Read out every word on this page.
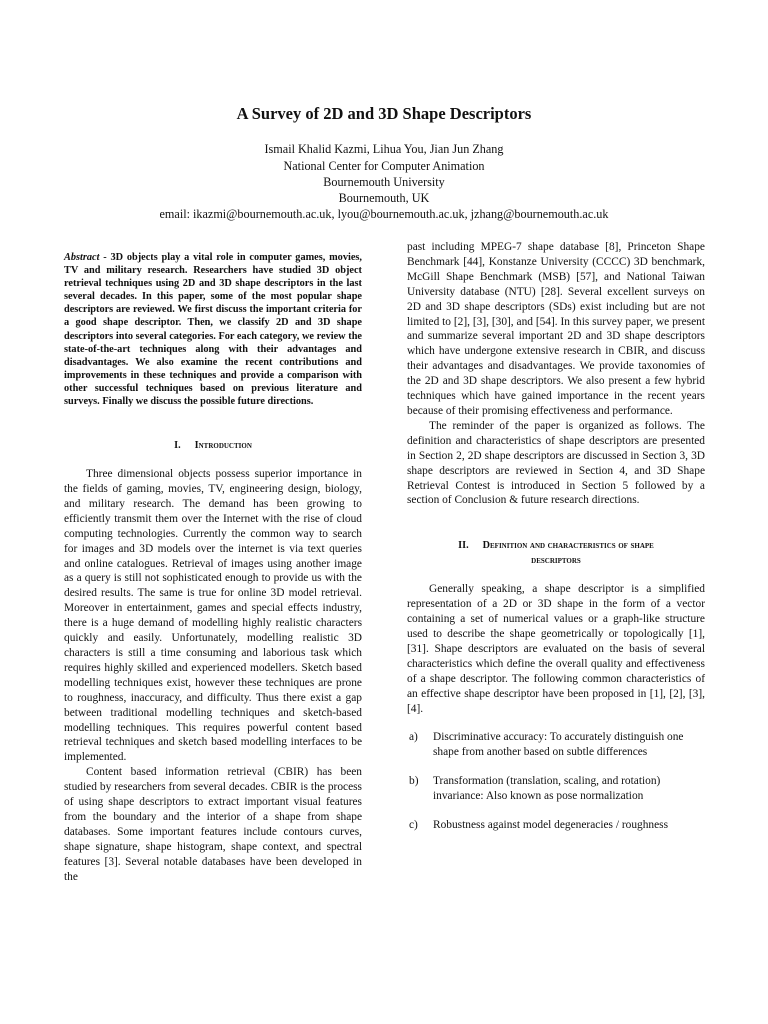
A Survey of 2D and 3D Shape Descriptors
Ismail Khalid Kazmi, Lihua You, Jian Jun Zhang
National Center for Computer Animation
Bournemouth University
Bournemouth, UK
email: ikazmi@bournemouth.ac.uk, lyou@bournemouth.ac.uk, jzhang@bournemouth.ac.uk

Abstract - 3D objects play a vital role in computer games, movies, TV and military research. Researchers have studied 3D object retrieval techniques using 2D and 3D shape descriptors in the last several decades. In this paper, some of the most popular shape descriptors are reviewed. We first discuss the important criteria for a good shape descriptor. Then, we classify 2D and 3D shape descriptors into several categories. For each category, we review the state-of-the-art techniques along with their advantages and disadvantages. We also examine the recent contributions and improvements in these techniques and provide a comparison with other successful techniques based on previous literature and surveys. Finally we discuss the possible future directions.

I. Introduction

Three dimensional objects possess superior importance in the fields of gaming, movies, TV, engineering design, biology, and military research. The demand has been growing to efficiently transmit them over the Internet with the rise of cloud computing technologies. Currently the common way to search for images and 3D models over the internet is via text queries and online catalogues. Retrieval of images using another image as a query is still not sophisticated enough to provide us with the desired results. The same is true for online 3D model retrieval. Moreover in entertainment, games and special effects industry, there is a huge demand of modelling highly realistic characters quickly and easily. Unfortunately, modelling realistic 3D characters is still a time consuming and laborious task which requires highly skilled and experienced modellers. Sketch based modelling techniques exist, however these techniques are prone to roughness, inaccuracy, and difficulty. Thus there exist a gap between traditional modelling techniques and sketch-based modelling techniques. This requires powerful content based retrieval techniques and sketch based modelling interfaces to be implemented.

Content based information retrieval (CBIR) has been studied by researchers from several decades. CBIR is the process of using shape descriptors to extract important visual features from the boundary and the interior of a shape from shape databases. Some important features include contours curves, shape signature, shape histogram, shape context, and spectral features [3]. Several notable databases have been developed in the

past including MPEG-7 shape database [8], Princeton Shape Benchmark [44], Konstanze University (CCCC) 3D benchmark, McGill Shape Benchmark (MSB) [57], and National Taiwan University database (NTU) [28]. Several excellent surveys on 2D and 3D shape descriptors (SDs) exist including but are not limited to [2], [3], [30], and [54]. In this survey paper, we present and summarize several important 2D and 3D shape descriptors which have undergone extensive research in CBIR, and discuss their advantages and disadvantages. We provide taxonomies of the 2D and 3D shape descriptors. We also present a few hybrid techniques which have gained importance in the recent years because of their promising effectiveness and performance.

The reminder of the paper is organized as follows. The definition and characteristics of shape descriptors are presented in Section 2, 2D shape descriptors are discussed in Section 3, 3D shape descriptors are reviewed in Section 4, and 3D Shape Retrieval Contest is introduced in Section 5 followed by a section of Conclusion & future research directions.

II. Definition and characteristics of shape
descriptors

Generally speaking, a shape descriptor is a simplified representation of a 2D or 3D shape in the form of a vector containing a set of numerical values or a graph-like structure used to describe the shape geometrically or topologically [1], [31]. Shape descriptors are evaluated on the basis of several characteristics which define the overall quality and effectiveness of a shape descriptor. The following common characteristics of an effective shape descriptor have been proposed in [1], [2], [3], [4].

a) Discriminative accuracy: To accurately distinguish one shape from another based on subtle differences
b) Transformation (translation, scaling, and rotation) invariance: Also known as pose normalization
c) Robustness against model degeneracies / roughness
